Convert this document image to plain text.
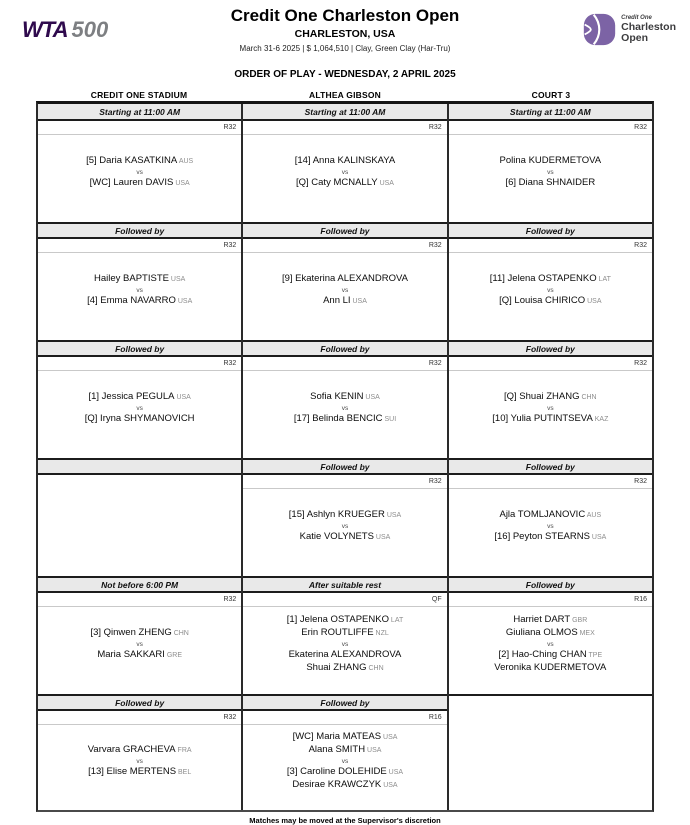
WTA 500
Credit One Charleston Open
CHARLESTON, USA
March 31-6 2025 | $ 1,064,510 | Clay, Green Clay (Har-Tru)
Credit One
Charleston
Open
ORDER OF PLAY - WEDNESDAY, 2 APRIL 2025
CREDIT ONE STADIUM	ALTHEA GIBSON	COURT 3
Starting at 11:00 AM
R32
[5] Daria KASATKINA AUS
vs
[WC] Lauren DAVIS USA
Starting at 11:00 AM
R32
[14] Anna KALINSKAYA
vs
[Q] Caty MCNALLY USA
Starting at 11:00 AM
R32
Polina KUDERMETOVA
vs
[6] Diana SHNAIDER
Followed by
R32
Hailey BAPTISTE USA
vs
[4] Emma NAVARRO USA
Followed by
R32
[9] Ekaterina ALEXANDROVA
vs
Ann LI USA
Followed by
R32
[11] Jelena OSTAPENKO LAT
vs
[Q] Louisa CHIRICO USA
Followed by
R32
[1] Jessica PEGULA USA
vs
[Q] Iryna SHYMANOVICH
Followed by
R32
Sofia KENIN USA
vs
[17] Belinda BENCIC SUI
Followed by
R32
[Q] Shuai ZHANG CHN
vs
[10] Yulia PUTINTSEVA KAZ
Followed by
R32
[15] Ashlyn KRUEGER USA
vs
Katie VOLYNETS USA
Followed by
R32
Ajla TOMLJANOVIC AUS
vs
[16] Peyton STEARNS USA
Not before 6:00 PM
R32
[3] Qinwen ZHENG CHN
vs
Maria SAKKARI GRE
After suitable rest
QF
[1] Jelena OSTAPENKO LAT
Erin ROUTLIFFE NZL
vs
Ekaterina ALEXANDROVA
Shuai ZHANG CHN
Followed by
R16
Harriet DART GBR
Giuliana OLMOS MEX
vs
[2] Hao-Ching CHAN TPE
Veronika KUDERMETOVA
Followed by
R32
Varvara GRACHEVA FRA
vs
[13] Elise MERTENS BEL
Followed by
R16
[WC] Maria MATEAS USA
Alana SMITH USA
vs
[3] Caroline DOLEHIDE USA
Desirae KRAWCZYK USA
Matches may be moved at the Supervisor's discretion
